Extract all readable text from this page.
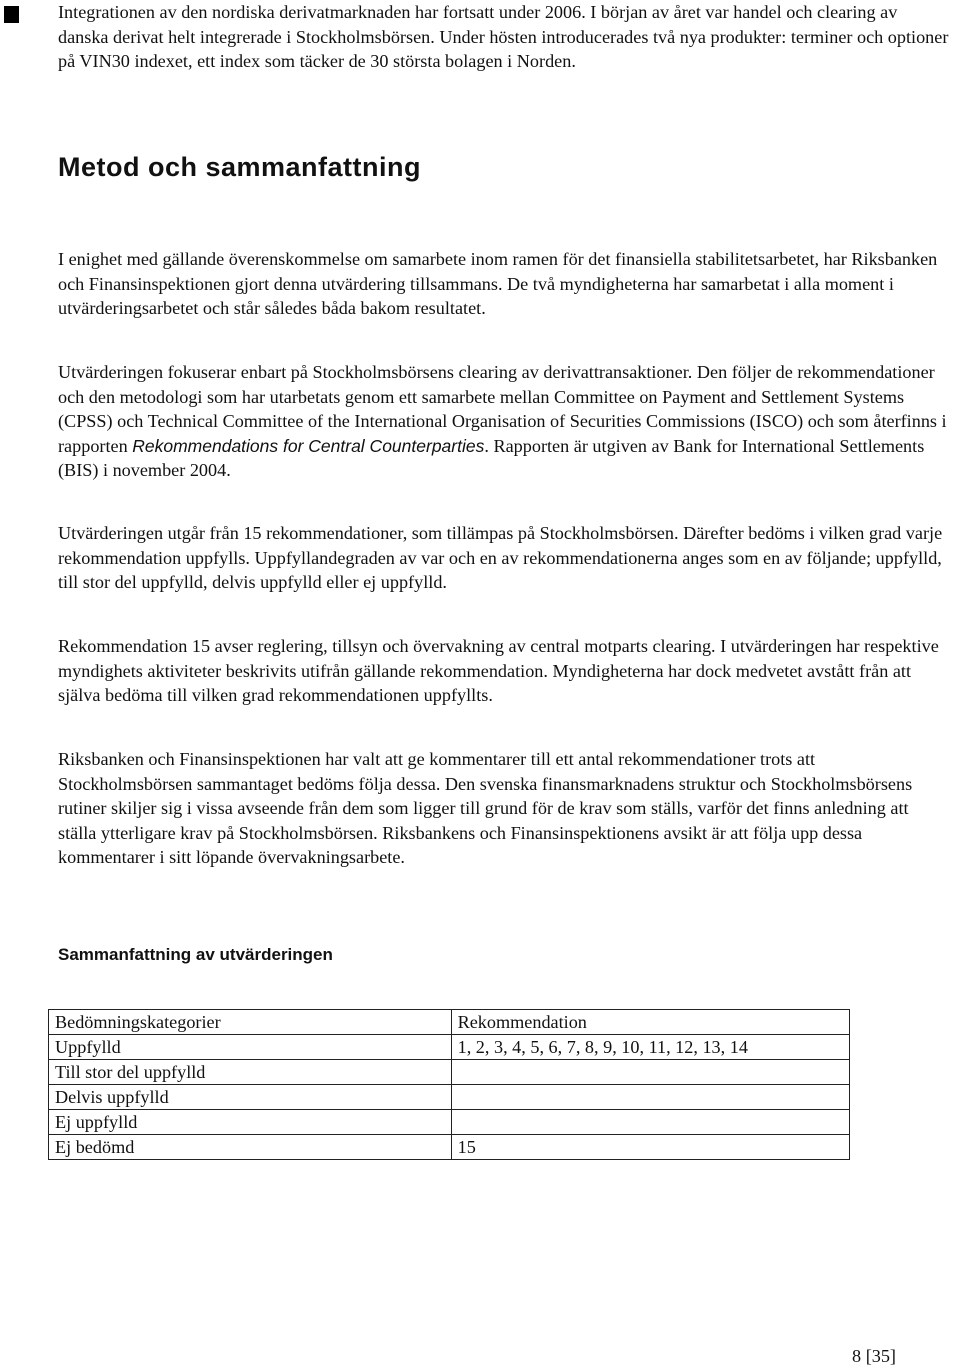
Integrationen av den nordiska derivatmarknaden har fortsatt under 2006. I början av året var handel och clearing av danska derivat helt integrerade i Stockholmsbörsen. Under hösten introducerades två nya produkter: terminer och optioner på VIN30 indexet, ett index som täcker de 30 största bolagen i Norden.

Metod och sammanfattning

I enighet med gällande överenskommelse om samarbete inom ramen för det finansiella stabilitetsarbetet, har Riksbanken och Finansinspektionen gjort denna utvärdering tillsammans. De två myndigheterna har samarbetat i alla moment i utvärderingsarbetet och står således båda bakom resultatet.

Utvärderingen fokuserar enbart på Stockholmsbörsens clearing av derivattransaktioner. Den följer de rekommendationer och den metodologi som har utarbetats genom ett samarbete mellan Committee on Payment and Settlement Systems (CPSS) och Technical Committee of the International Organisation of Securities Commissions (ISCO) och som återfinns i rapporten Rekommendations for Central Counterparties. Rapporten är utgiven av Bank for International Settlements (BIS) i november 2004.

Utvärderingen utgår från 15 rekommendationer, som tillämpas på Stockholmsbörsen. Därefter bedöms i vilken grad varje rekommendation uppfylls. Uppfyllandegraden av var och en av rekommendationerna anges som en av följande; uppfylld, till stor del uppfylld, delvis uppfylld eller ej uppfylld.

Rekommendation 15 avser reglering, tillsyn och övervakning av central motparts clearing. I utvärderingen har respektive myndighets aktiviteter beskrivits utifrån gällande rekommendation. Myndigheterna har dock medvetet avstått från att själva bedöma till vilken grad rekommendationen uppfyllts.

Riksbanken och Finansinspektionen har valt att ge kommentarer till ett antal rekommendationer trots att Stockholmsbörsen sammantaget bedöms följa dessa. Den svenska finansmarknadens struktur och Stockholmsbörsens rutiner skiljer sig i vissa avseende från dem som ligger till grund för de krav som ställs, varför det finns anledning att ställa ytterligare krav på Stockholmsbörsen. Riksbankens och Finansinspektionens avsikt är att följa upp dessa kommentarer i sitt löpande övervakningsarbete.

Sammanfattning av utvärderingen
Bedömningskategorier	Rekommendation
Uppfylld	1, 2, 3, 4, 5, 6, 7, 8, 9, 10, 11, 12, 13, 14
Till stor del uppfylld	
Delvis uppfylld	
Ej uppfylld	
Ej bedömd	15
8 [35]
